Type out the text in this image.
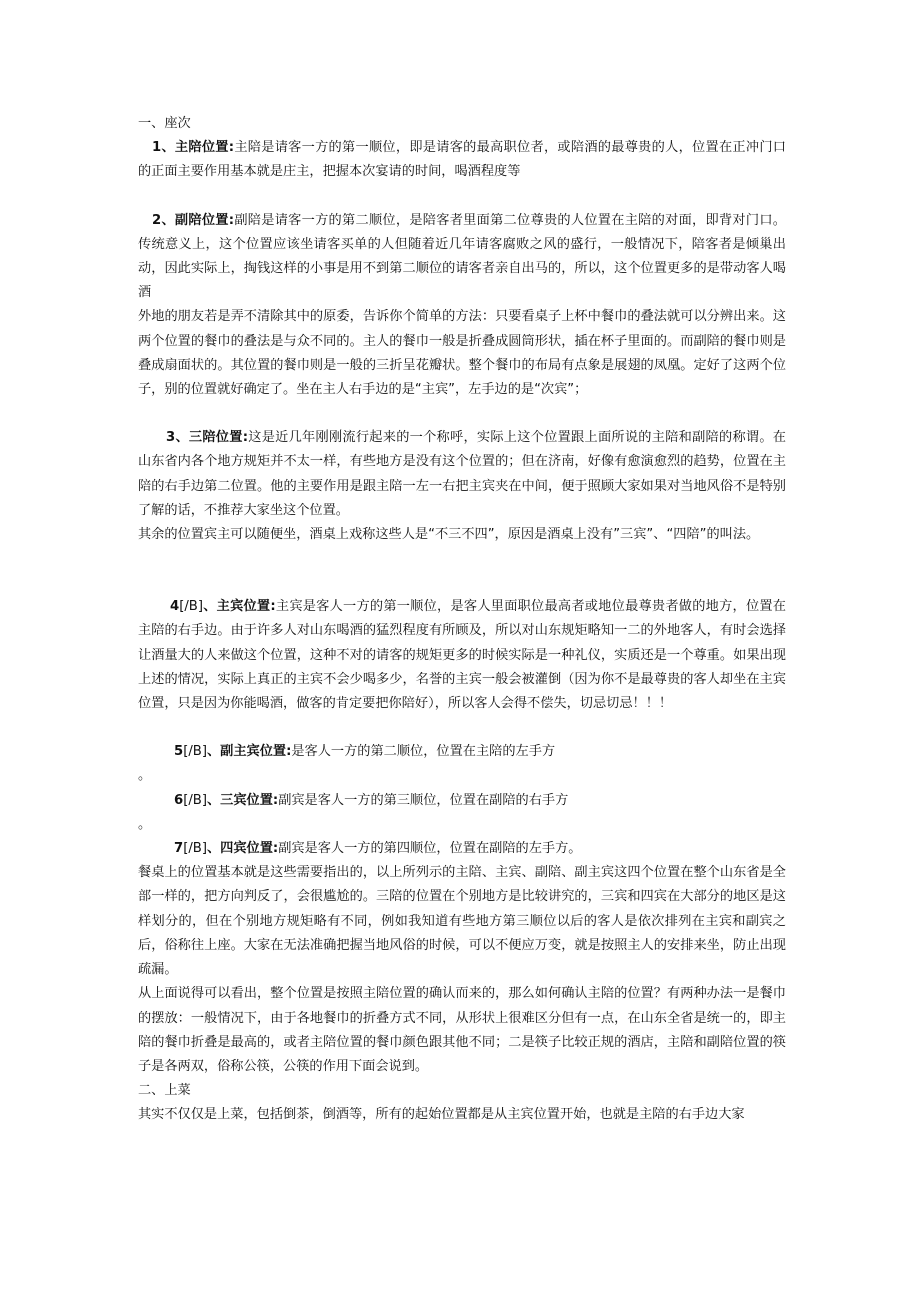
一、座次

1、主陪位置:主陪是请客一方的第一顺位，即是请客的最高职位者，或陪酒的最尊贵的人，位置在正冲门口的正面主要作用基本就是庄主，把握本次宴请的时间，喝酒程度等

2、副陪位置:副陪是请客一方的第二顺位，是陪客者里面第二位尊贵的人位置在主陪的对面，即背对门口。传统意义上，这个位置应该坐请客买单的人但随着近几年请客腐败之风的盛行，一般情况下，陪客者是倾巢出动，因此实际上，掏钱这样的小事是用不到第二顺位的请客者亲自出马的，所以，这个位置更多的是带动客人喝酒

外地的朋友若是弄不清除其中的原委，告诉你个简单的方法：只要看桌子上杯中餐巾的叠法就可以分辨出来。这两个位置的餐巾的叠法是与众不同的。主人的餐巾一般是折叠成圆筒形状，插在杯子里面的。而副陪的餐巾则是叠成扇面状的。其位置的餐巾则是一般的三折呈花瓣状。整个餐巾的布局有点象是展翅的凤凰。定好了这两个位子，别的位置就好确定了。坐在主人右手边的是“主宾”，左手边的是“次宾”；

3、三陪位置:这是近几年刚刚流行起来的一个称呼，实际上这个位置跟上面所说的主陪和副陪的称谓。在山东省内各个地方规矩并不太一样，有些地方是没有这个位置的；但在济南，好像有愈演愈烈的趋势，位置在主陪的右手边第二位置。他的主要作用是跟主陪一左一右把主宾夹在中间，便于照顾大家如果对当地风俗不是特别了解的话，不推荐大家坐这个位置。

其余的位置宾主可以随便坐，酒桌上戏称这些人是“不三不四”，原因是酒桌上没有”三宾”、“四陪”的叫法。

4[/B]、主宾位置:主宾是客人一方的第一顺位，是客人里面职位最高者或地位最尊贵者做的地方，位置在主陪的右手边。由于许多人对山东喝酒的猛烈程度有所顾及，所以对山东规矩略知一二的外地客人，有时会选择让酒量大的人来做这个位置，这种不对的请客的规矩更多的时候实际是一种礼仪，实质还是一个尊重。如果出现上述的情况，实际上真正的主宾不会少喝多少，名誉的主宾一般会被灌倒（因为你不是最尊贵的客人却坐在主宾位置，只是因为你能喝酒，做客的肯定要把你陪好），所以客人会得不偿失，切忌切忌！！！

5[/B]、副主宾位置:是客人一方的第二顺位，位置在主陪的左手方

。

6[/B]、三宾位置:副宾是客人一方的第三顺位，位置在副陪的右手方

。

7[/B]、四宾位置:副宾是客人一方的第四顺位，位置在副陪的左手方。

餐桌上的位置基本就是这些需要指出的，以上所列示的主陪、主宾、副陪、副主宾这四个位置在整个山东省是全部一样的，把方向判反了，会很尴尬的。三陪的位置在个别地方是比较讲究的，三宾和四宾在大部分的地区是这样划分的，但在个别地方规矩略有不同，例如我知道有些地方第三顺位以后的客人是依次排列在主宾和副宾之后，俗称往上座。大家在无法准确把握当地风俗的时候，可以不便应万变，就是按照主人的安排来坐，防止出现疏漏。

从上面说得可以看出，整个位置是按照主陪位置的确认而来的，那么如何确认主陪的位置？有两种办法一是餐巾的摆放：一般情况下，由于各地餐巾的折叠方式不同，从形状上很难区分但有一点，在山东全省是统一的，即主陪的餐巾折叠是最高的，或者主陪位置的餐巾颜色跟其他不同；二是筷子比较正规的酒店，主陪和副陪位置的筷子是各两双，俗称公筷，公筷的作用下面会说到。

二、上菜

其实不仅仅是上菜，包括倒茶，倒酒等，所有的起始位置都是从主宾位置开始，也就是主陪的右手边大家
